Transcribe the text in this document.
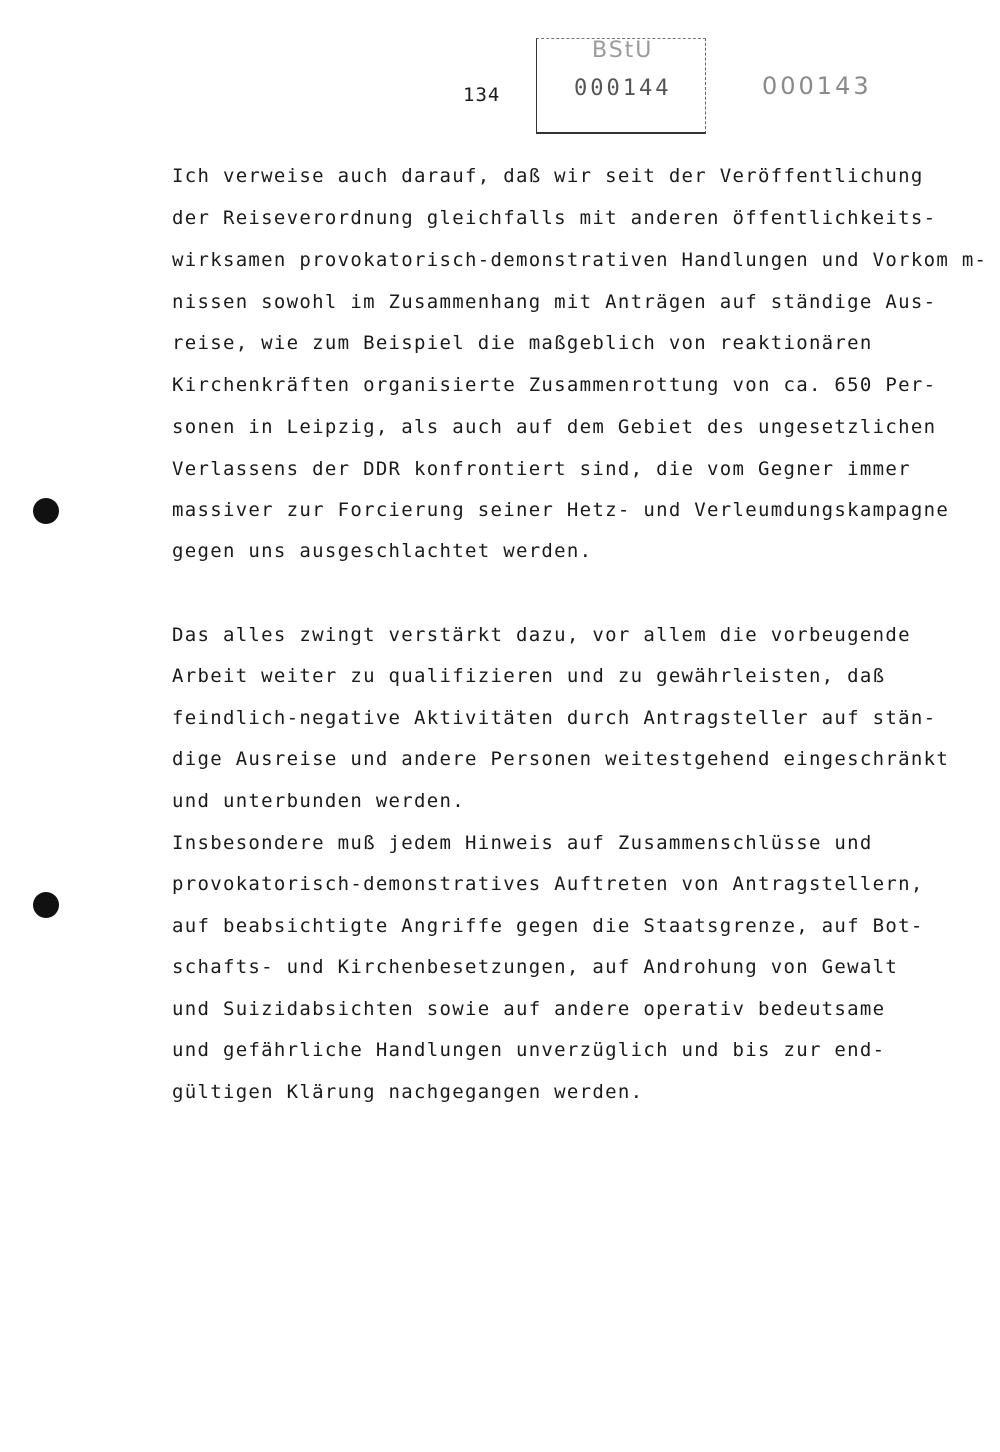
134
BStU
000144	000143
Ich verweise auch darauf, daß wir seit der Veröffentlichung
der Reiseverordnung gleichfalls mit anderen öffentlichkeits-
wirksamen provokatorisch-demonstrativen Handlungen und Vorkom m-
nissen sowohl im Zusammenhang mit Anträgen auf ständige Aus-
reise, wie zum Beispiel die maßgeblich von reaktionären
Kirchenkräften organisierte Zusammenrottung von ca. 650 Per-
sonen in Leipzig, als auch auf dem Gebiet des ungesetzlichen
Verlassens der DDR konfrontiert sind, die vom Gegner immer
massiver zur Forcierung seiner Hetz- und Verleumdungskampagne
gegen uns ausgeschlachtet werden.
Das alles zwingt verstärkt dazu, vor allem die vorbeugende
Arbeit weiter zu qualifizieren und zu gewährleisten, daß
feindlich-negative Aktivitäten durch Antragsteller auf stän-
dige Ausreise und andere Personen weitestgehend eingeschränkt
und unterbunden werden.
Insbesondere muß jedem Hinweis auf Zusammenschlüsse und
provokatorisch-demonstratives Auftreten von Antragstellern,
auf beabsichtigte Angriffe gegen die Staatsgrenze, auf Bot-
schafts- und Kirchenbesetzungen, auf Androhung von Gewalt
und Suizidabsichten sowie auf andere operativ bedeutsame
und gefährliche Handlungen unverzüglich und bis zur end-
gültigen Klärung nachgegangen werden.
